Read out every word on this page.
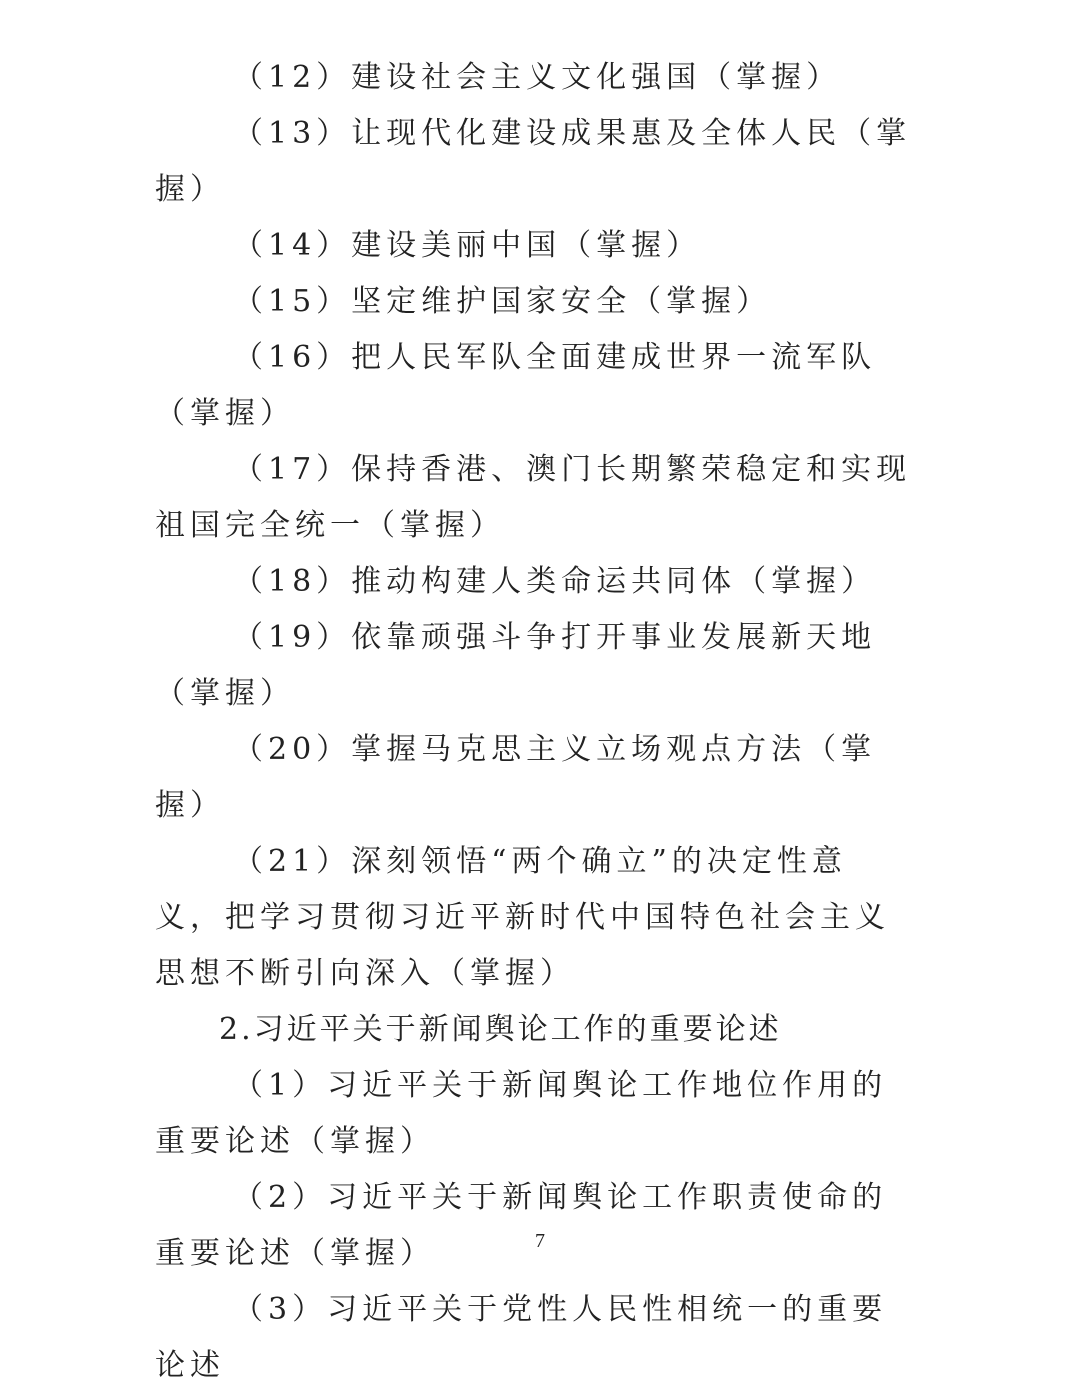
（12）建设社会主义文化强国（掌握）

（13）让现代化建设成果惠及全体人民（掌握）

（14）建设美丽中国（掌握）

（15）坚定维护国家安全（掌握）

（16）把人民军队全面建成世界一流军队（掌握）

（17）保持香港、澳门长期繁荣稳定和实现祖国完全统一（掌握）

（18）推动构建人类命运共同体（掌握）

（19）依靠顽强斗争打开事业发展新天地（掌握）

（20）掌握马克思主义立场观点方法（掌握）

（21）深刻领悟“两个确立”的决定性意义，把学习贯彻习近平新时代中国特色社会主义思想不断引向深入（掌握）

2.习近平关于新闻舆论工作的重要论述

（1）习近平关于新闻舆论工作地位作用的重要论述（掌握）

（2）习近平关于新闻舆论工作职责使命的重要论述（掌握）

（3）习近平关于党性人民性相统一的重要论述

7
